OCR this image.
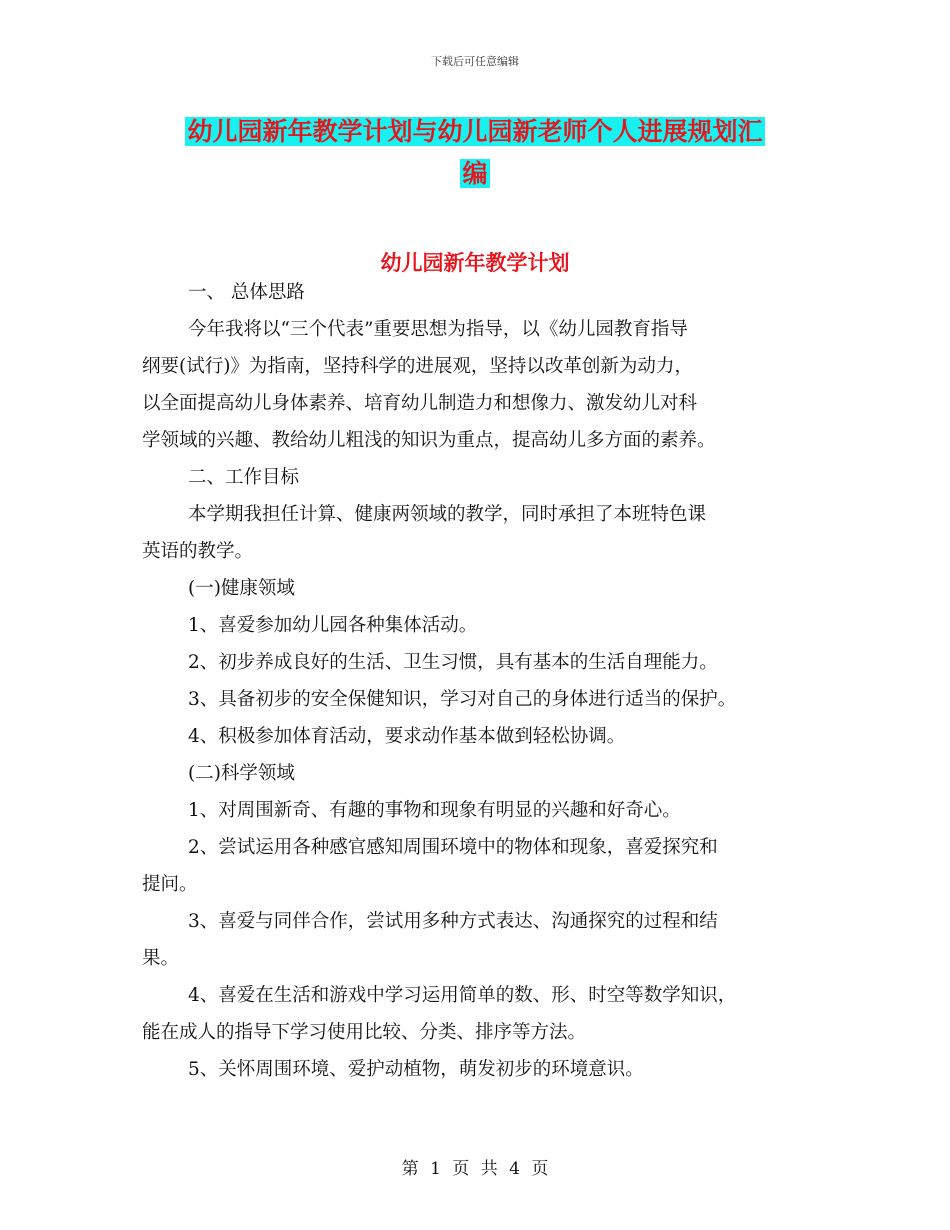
下载后可任意编辑
幼儿园新年教学计划与幼儿园新老师个人进展规划汇
编
幼儿园新年教学计划

一、 总体思路

今年我将以“三个代表”重要思想为指导，以《幼儿园教育指导

纲要(试行)》为指南，坚持科学的进展观，坚持以改革创新为动力，

以全面提高幼儿身体素养、培育幼儿制造力和想像力、激发幼儿对科

学领域的兴趣、教给幼儿粗浅的知识为重点，提高幼儿多方面的素养。

二、工作目标

本学期我担任计算、健康两领域的教学，同时承担了本班特色课

英语的教学。

(一)健康领域

1、喜爱参加幼儿园各种集体活动。

2、初步养成良好的生活、卫生习惯，具有基本的生活自理能力。

3、具备初步的安全保健知识，学习对自己的身体进行适当的保护。

4、积极参加体育活动，要求动作基本做到轻松协调。

(二)科学领域

1、对周围新奇、有趣的事物和现象有明显的兴趣和好奇心。

2、尝试运用各种感官感知周围环境中的物体和现象，喜爱探究和

提问。

3、喜爱与同伴合作，尝试用多种方式表达、沟通探究的过程和结

果。

4、喜爱在生活和游戏中学习运用简单的数、形、时空等数学知识，

能在成人的指导下学习使用比较、分类、排序等方法。

5、关怀周围环境、爱护动植物，萌发初步的环境意识。

第 1 页 共 4 页
